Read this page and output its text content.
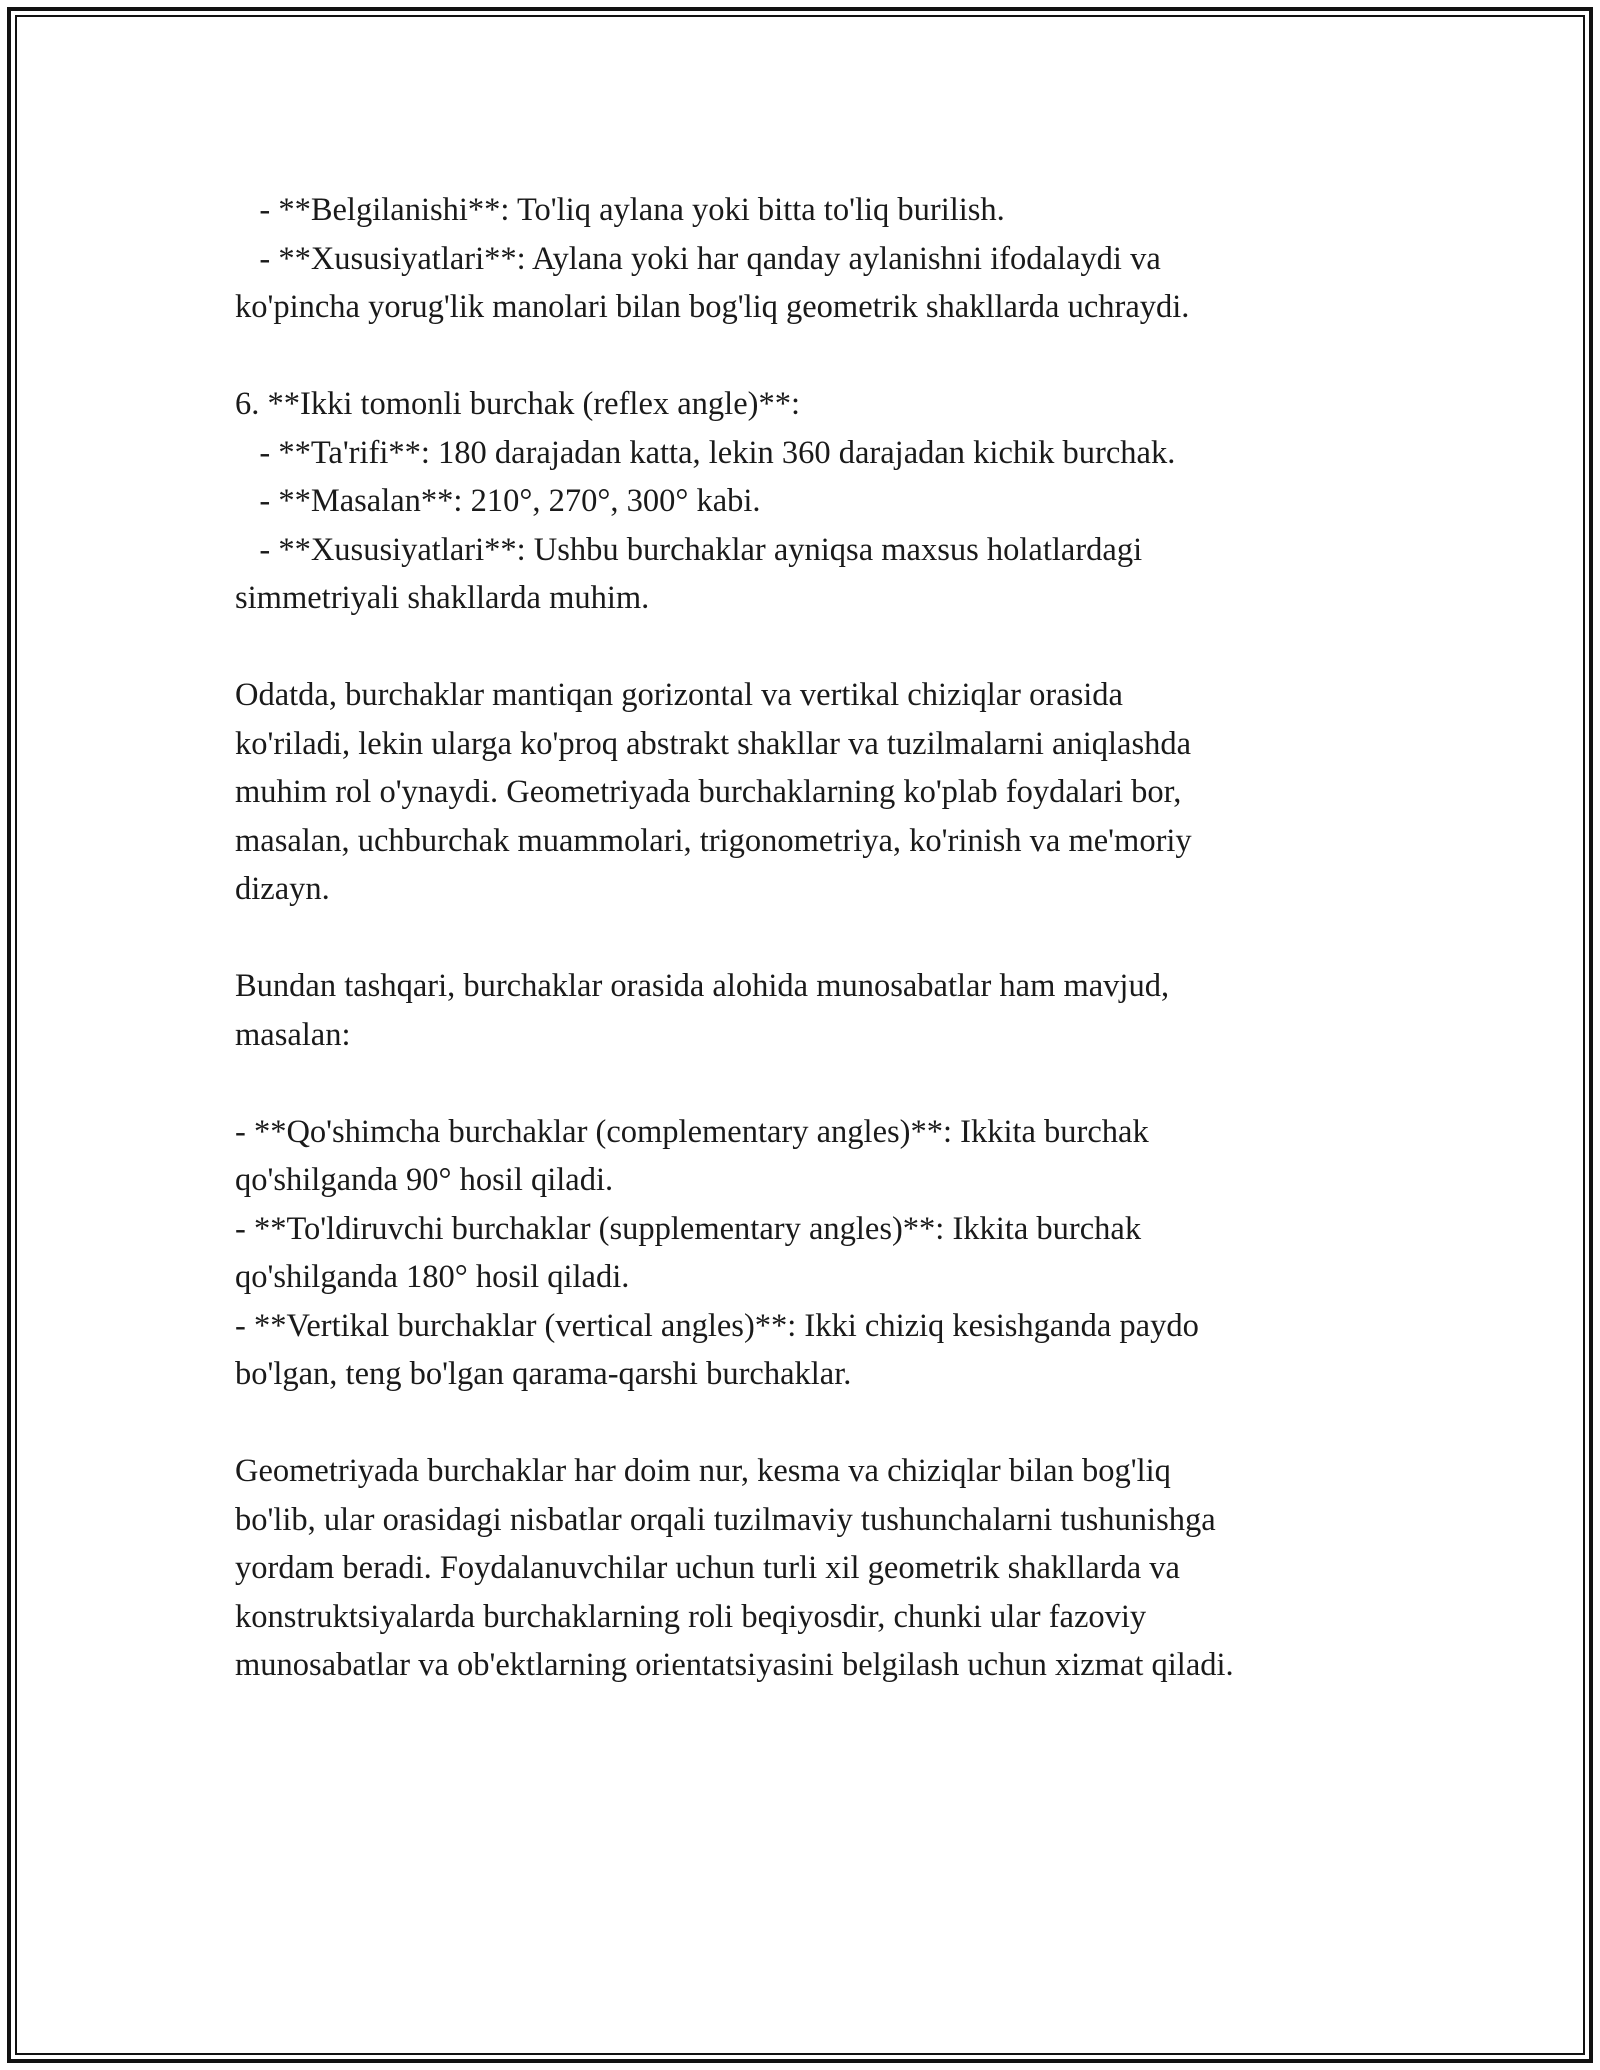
- **Belgilanishi**: To'liq aylana yoki bitta to'liq burilish.

- **Xususiyatlari**: Aylana yoki har qanday aylanishni ifodalaydi va

ko'pincha yorug'lik manolari bilan bog'liq geometrik shakllarda uchraydi.

6. **Ikki tomonli burchak (reflex angle)**:

- **Ta'rifi**: 180 darajadan katta, lekin 360 darajadan kichik burchak.

- **Masalan**: 210°, 270°, 300° kabi.

- **Xususiyatlari**: Ushbu burchaklar ayniqsa maxsus holatlardagi

simmetriyali shakllarda muhim.

Odatda, burchaklar mantiqan gorizontal va vertikal chiziqlar orasida

ko'riladi, lekin ularga ko'proq abstrakt shakllar va tuzilmalarni aniqlashda

muhim rol o'ynaydi. Geometriyada burchaklarning ko'plab foydalari bor,

masalan, uchburchak muammolari, trigonometriya, ko'rinish va me'moriy

dizayn.

Bundan tashqari, burchaklar orasida alohida munosabatlar ham mavjud,

masalan:

- **Qo'shimcha burchaklar (complementary angles)**: Ikkita burchak

qo'shilganda 90° hosil qiladi.

- **To'ldiruvchi burchaklar (supplementary angles)**: Ikkita burchak

qo'shilganda 180° hosil qiladi.

- **Vertikal burchaklar (vertical angles)**: Ikki chiziq kesishganda paydo

bo'lgan, teng bo'lgan qarama-qarshi burchaklar.

Geometriyada burchaklar har doim nur, kesma va chiziqlar bilan bog'liq

bo'lib, ular orasidagi nisbatlar orqali tuzilmaviy tushunchalarni tushunishga

yordam beradi. Foydalanuvchilar uchun turli xil geometrik shakllarda va

konstruktsiyalarda burchaklarning roli beqiyosdir, chunki ular fazoviy

munosabatlar va ob'ektlarning orientatsiyasini belgilash uchun xizmat qiladi.
